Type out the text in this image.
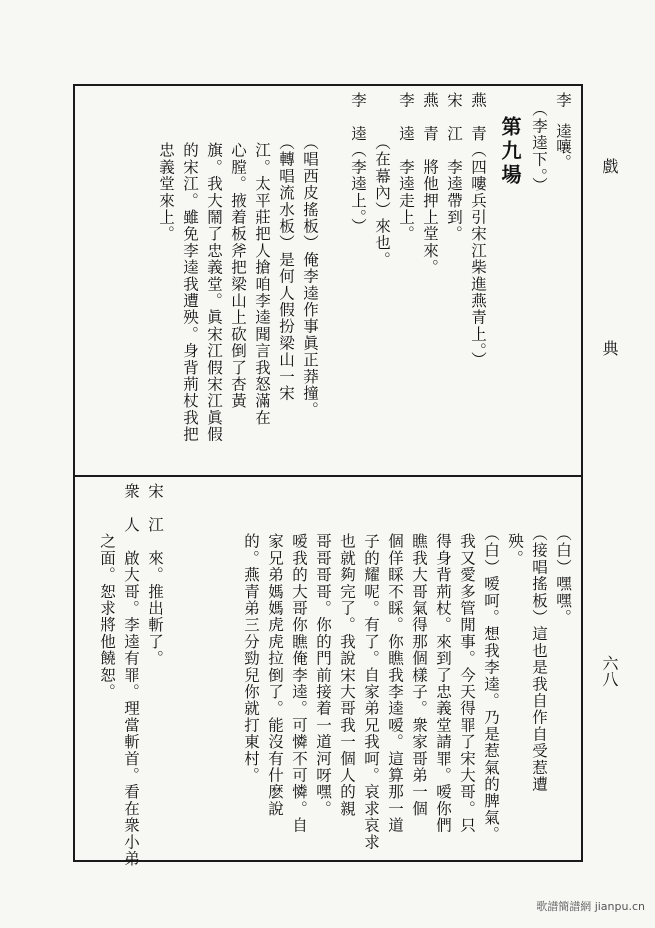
戲
典
六八
李　逵嚷。
　（李逵下。）
　第九場
燕　青（四嘍兵引宋江柴進燕青上。）
宋　江　李逵帶到。
燕　青　將他押上堂來。
李　逵　李逵走上。
　　　（在幕內）來也。
李　逵（李逵上。）
　　　（唱西皮搖板）俺李逵作事眞正莽撞。
　　　（轉唱流水板）是何人假扮梁山一宋
　　　江。太平莊把人搶咱李逵聞言我怒滿在
　　　心膛。掖着板斧把梁山上砍倒了杏黃
　　　旗。我大鬧了忠義堂。眞宋江假宋江眞假
　　　的宋江。雖免李逵我遭殃。身背荊杖我把
　　　忠義堂來上。
　　　（白）嘿嘿。
　　　（接唱搖板）這也是我自作自受惹遭
　　　殃。
　　　（白）嗳呵。想我李逵。乃是惹氣的脾氣。
　　　我又愛多管閒事。今天得罪了宋大哥。只
　　　得身背荊杖。來到了忠義堂請罪。嗳你們
　　　瞧我大哥氣得那個樣子。衆家哥弟一個
　　　個佯睬不睬。你瞧我李逵嗳。這算那一道
　　　子的耀呢。有了。自家弟兄我呵。哀求哀求
　　　也就夠完了。我說宋大哥我一個人的親
　　　哥哥哥哥。你的門前接着一道河呀嘿。
　　　嗳我的大哥你瞧俺李逵。可憐不可憐。自
　　　家兄弟媽媽虎虎拉倒了。能沒有什麽說
　　　的。燕青弟三分勁兒你就打東村。
宋　江　來。推出斬了。
衆　人　啟大哥。李逵有罪。理當斬首。看在衆小弟
　　　之面。恕求將他饒恕。
歌譜簡譜網 jianpu.cn
